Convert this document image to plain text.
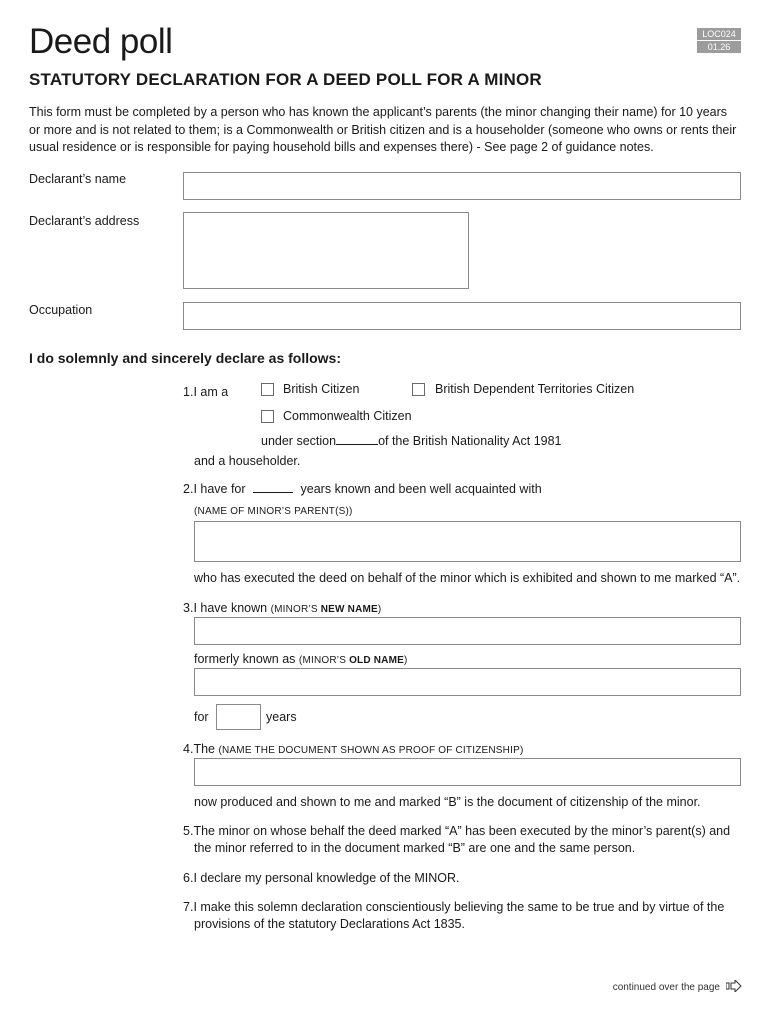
Deed poll	LOC024
01.26
STATUTORY DECLARATION FOR A DEED POLL FOR A MINOR
This form must be completed by a person who has known the applicant’s parents (the minor changing their name) for 10 years or more and is not related to them; is a Commonwealth or British citizen and is a householder (someone who owns or rents their usual residence or is responsible for paying household bills and expenses there) - See page 2 of guidance notes.
Declarant’s name
Declarant’s address
Occupation
I do solemnly and sincerely declare as follows:
1.I am a	British Citizen	British Dependent Territories Citizen
Commonwealth Citizen
under section	of the British Nationality Act 1981
and a householder.
2.I have for	years known and been well acquainted with
(NAME OF MINOR’S PARENT(S))
who has executed the deed on behalf of the minor which is exhibited and shown to me marked “A”.
3.I have known (MINOR’S NEW NAME)
formerly known as (MINOR’S OLD NAME)
for	years
4.The (NAME THE DOCUMENT SHOWN AS PROOF OF CITIZENSHIP)
now produced and shown to me and marked “B” is the document of citizenship of the minor.
5.The minor on whose behalf the deed marked “A” has been executed by the minor’s parent(s) and
the minor referred to in the document marked “B” are one and the same person.
6.I declare my personal knowledge of the MINOR.
7.I make this solemn declaration conscientiously believing the same to be true and by virtue of the
provisions of the statutory Declarations Act 1835.
continued over the page
